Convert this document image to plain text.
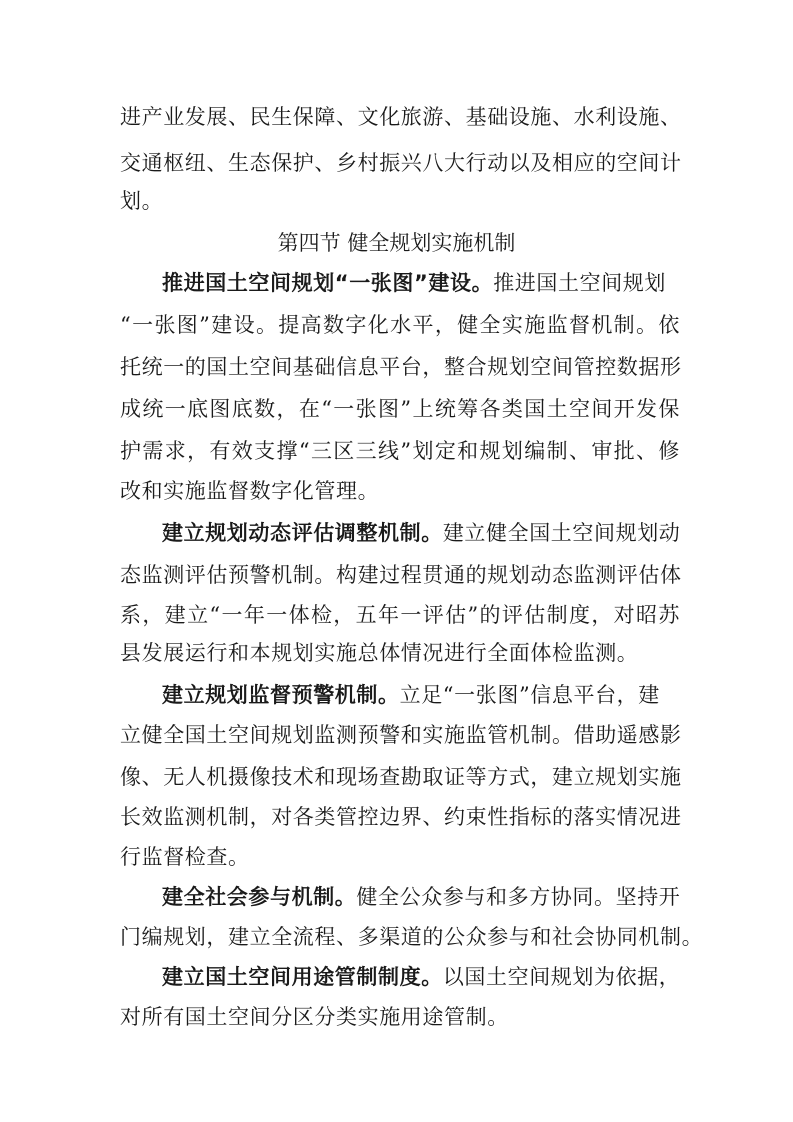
进产业发展、民生保障、文化旅游、基础设施、水利设施、
交通枢纽、生态保护、乡村振兴八大行动以及相应的空间计
划。
第四节 健全规划实施机制
推进国土空间规划“一张图”建设。推进国土空间规划
“一张图”建设。提高数字化水平，健全实施监督机制。依
托统一的国土空间基础信息平台，整合规划空间管控数据形
成统一底图底数，在“一张图”上统筹各类国土空间开发保
护需求，有效支撑“三区三线”划定和规划编制、审批、修
改和实施监督数字化管理。
建立规划动态评估调整机制。建立健全国土空间规划动
态监测评估预警机制。构建过程贯通的规划动态监测评估体
系，建立“一年一体检，五年一评估”的评估制度，对昭苏
县发展运行和本规划实施总体情况进行全面体检监测。
建立规划监督预警机制。立足“一张图”信息平台，建
立健全国土空间规划监测预警和实施监管机制。借助遥感影
像、无人机摄像技术和现场查勘取证等方式，建立规划实施
长效监测机制，对各类管控边界、约束性指标的落实情况进
行监督检查。
建全社会参与机制。健全公众参与和多方协同。坚持开
门编规划，建立全流程、多渠道的公众参与和社会协同机制。
建立国土空间用途管制制度。以国土空间规划为依据，
对所有国土空间分区分类实施用途管制。
